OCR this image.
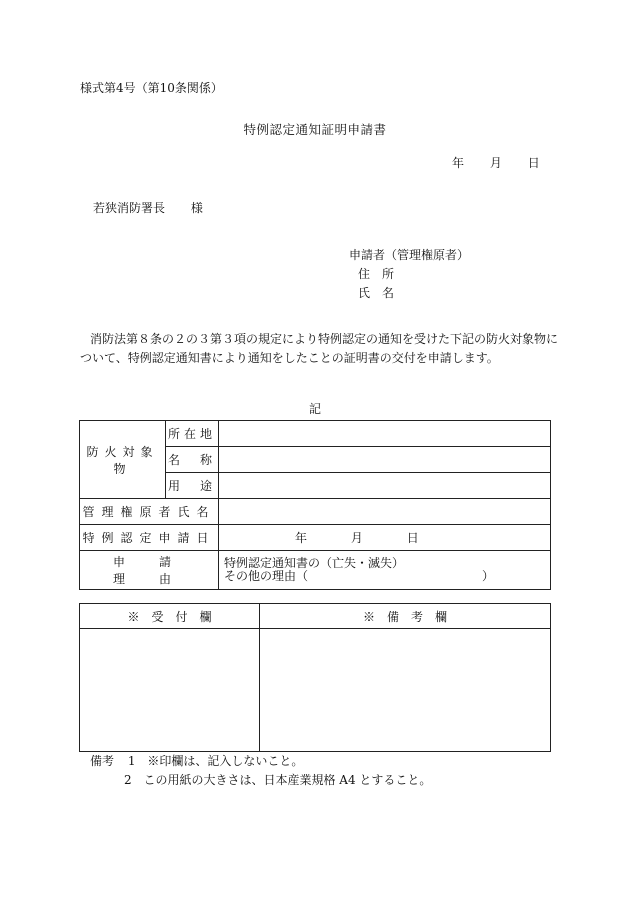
様式第4号（第10条関係）
特例認定通知証明申請書
年 月 日
若狭消防署長 様
申請者（管理権原者）
住　所
氏　名
消防法第８条の２の３第３項の規定により特例認定の通知を受けた下記の防火対象物について、特例認定通知書により通知をしたことの証明書の交付を申請します。
記
防火対象物	所在地	
	名　称	
	用　途	
管理権原者氏名		
特例認定申請日		年 月 日
申請理由		特例認定通知書の（亡失・滅失）
その他の理由（ ）
※　受　付　欄	※　備　考　欄

備考 1 ※印欄は、記入しないこと。
2 この用紙の大きさは、日本産業規格 A4 とすること。
